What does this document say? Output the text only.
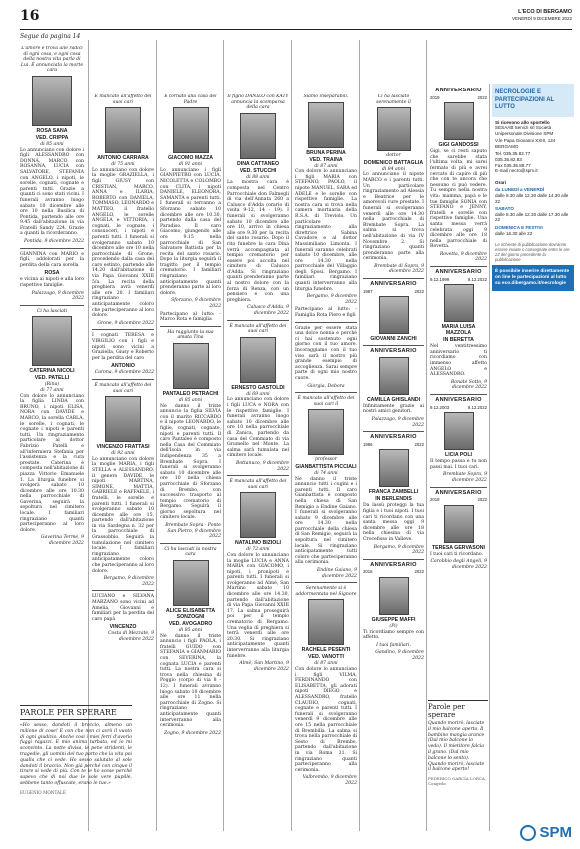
16	L'ECO DI BERGAMO
VENERDÌ 9 DICEMBRE 2022
Segue da pagina 14

L'amore è trova alle radici di ogni cosa, e ogni cosa della nostra vita parla di Lui. È annunciata la morte cara

ROSA SANA
VED. CRIPPA
di 85 anni

Lo annunciano con dolore i figli ALESSANDRO con DONNA, MARCO con ROSANNA, LUCIA con SALVATORE, STEFANIA con ANGELO, i nipoti, le sorelle, cognati, cognate e parenti tutti. Grazie a quanti ci sono stati vicini. I funerali avranno luogo sabato 10 dicembre alle ore 10 nella Basilica di Pontida, partendo alle ore 9.45 dall'abitazione in via Fratelli Sandy 224. Grazie a quanti la ricorderanno.

Pontida, 9 dicembre 2022

GIANNINA con MARIO e figli, addolorati per la perdita della cara sorella

ROSA

e vicina ai nipoti e alla loro rispettive famiglie.

Palazzago, 9 dicembre 2022

Ci ha lasciati

CATERINA NICOLI
VED. PATELLI
(Rina)
di 77 anni

Con dolore lo annunciano la figlia LINDA con BRUNO, i nipoti ELISA, NORA con DAVIDE e MARCO, la sorella CARLA, le sorelle, i cognati, le cognate i nipoti e parenti tutti. Un ringraziamento particolare al dottor Fabrizio Patelli e all'infermiera Stefania per l'assistenza e la cura prestate. Caterina è composta nell'abitazione di piazza Vittorio Emanuele 1. La liturgia funebre si svolgerà sabato 10 dicembre alle ore 10.30 nella parrocchiale di Gaverina, seguirà la sepoltura nel cimitero locale. I familiari ringraziano quanti parteciperanno al loro dolore.

Gaverina Terme, 9 dicembre 2022

È mancato all'affetto dei suoi cari

ANTONIO CARRARA
di 75 anni

Lo annunciano con dolore la moglie GRAZIELLA, i figli GIUSY con CRISTIAN, MARCO, ANNA e ILARIA, ROBERTO con DANIELA, TOMMASO, LEONARDO e MATTEO, il fratello ANGELO, le sorelle ANGELA e VITTORIA, i cognati, le cognate, i consuoceri, i nipoti e parenti tutti. I funerali si svolgeranno sabato 10 dicembre alle ore 10 nella parrocchiale di Grone, procedendo dalla casa del caro estinto, partendo alle 14.20 dall'abitazione di via Papa Giovanni XXIII 5/a. La recita della preghiera avrà venerdì alle ore 20. I familiari ringraziano anticipatamente coloro che parteciperanno al loro dolore.

Grone, 9 dicembre 2022

I cognati TERESA e VIRGILIO con i figli e nipoti sono vicini a Graziella, Giusy e Roberto per la perdita del caro

ANTONIO

Carona, 9 dicembre 2022

È mancato all'affetto dei suoi cari

VINCENZO FRATTASI
di 92 anni

Lo annunciano con dolore la moglie MARIA, i figli STELLA e ALESSANDRO, il genero DAVIDE, le nipoti MARTINA, SIMONE, MATTIA, GABRIELE e RAFFAELE, i fratelli, le sorelle e parenti tutti. I funerali si svolgeranno sabato 10 dicembre alle ore 15, partendo dall'abitazione in via Sardegna n. 32 per la parrocchiale di Grassobbio. Seguirà la tumulazione nel cimitero locale. I familiari ringraziano anticipatamente coloro che parteciperanno al loro dolore.

Bergamo, 9 dicembre 2022

LUCIANO e SILVANA MARZANO sono vicini ad Amelia, Giovanni e familiari per la perdita del caro papà

VINCENZO

Costa di Mezzate, 9 dicembre 2022

È tornato alla casa del Padre

GIACOMO MAZZA
di 91 anni

Lo annunciano i figli GIANPIETRO con LUCIA, NICOLETTA e COLOMBO con CLITA, i nipoti DANIELE, ELEONORA, SAMANTA e parenti tutti. I funerali si terranno a Sforzano sabato 10 dicembre alle ore 10.30, partendo dalla casa del Paradiso. Il caro Giacomo, giungendo alle ore 9.15 nella parrocchiale di San Salvatore Battista per la recita del santo rosario. Dopo la liturgia seguirà il tragitto per il tempio crematorio. I familiari ringraziano anticipatamente quanti prenderanno parte al loro dolore.

Sforzano, 9 dicembre 2022

Partecipano al lutto: - Marco Rota e famiglia

Ha raggiunto la sua amata Tina

PANTALEO PETRACHI
di 85 anni

Ne danno il triste annuncio la figlia SILVIA con il marito RICCARDO e il nipote LEONARDO, le figlie, cognati, cognate, nipoti e parenti tutti. Il caro Pantaleo è composto nella Casa del Commiato dell'Isola in via Indipendenza 35 a Brembate Sopra. I funerali si svolgeranno sabato 10 dicembre alle ore 10 nella chiesa parrocchiale di Sforzano di Brembo, con successivo trasporto al tempio crematorio di Bergamo. Seguirà il giorno sepoltura nel cimitero locale.

Brembate Sopra - Ponte San Pietro, 9 dicembre 2022

Ci ha lasciati la nostra cara

ALICE ELISABETTA SONZOGNI
VED. AVOGADRO
di 85 anni

Ne danno il triste annuncio i figli PAOLA, i fratelli GUIDO con STEFANIA e GIANMARIO con SEVERINA, la cognata LUCIA e parenti tutti. La nostra cara si trova nella chiesina di Poggio (corpo di via 8 - 12). I funerali avranno luogo sabato 10 dicembre alle ore 11 nella parrocchiale di Zogno. Si ringraziano anticipatamente quanti interverranno alla cerimonia.

Zogno, 9 dicembre 2022

Il figlio DANILO con KATY annuncia la scomparsa della cara

DINA CATTANEO
VED. STUCCHI
di 88 anni

La mostra cara è composta nel Centro Parrocchiale don Falmegli di via dell'Annata 260 a Calusco d'Adda (orario di visita 9-12, 14 - 19). I funerali si svolgeranno sabato 10 dicembre alle ore 10, arrivo in chiesa alle ore 9.30 per la recita del santo rosario. Dopo il rito funebre la cara Dina verrà accompagnata al tempio crematorio per essere poi accolta nel cimitero di Calusco d'Adda. Si ringraziano quanti prenderanno parte al nostro dolore con la forza di Renza, con un pensiero e con una preghiera.

Calusco d'Adda, 9 dicembre 2022

È mancato all'affetto dei suoi cari

ERNESTO GASTOLDI
di 69 anni

Lo annunciano con dolore i figli LUCA e NORA con le rispettive famiglie. I funerali avranno luogo sabato 10 dicembre alle ore 10 nella parrocchiale di Zanica, partendo da casa del Commiato di via Grumello nel Monte. La salma sarà tumulata nel cimitero locale.

Bottanuco, 9 dicembre 2022

È mancata all'affetto dei suoi cari

NATALINO BIZIOLI
di 72 anni

Con dolore lo annunciano la moglie LUCIA e ANNA MARIA con GIACOMO, i nipoti, i pronipoti e parenti tutti. I funerali si svolgeranno ad Almè, San Martino sabato 10 dicembre alle ore 14.30, partendo dall'abitazione di via Papa Giovanni XXIII 17. La salma proseguirà poi per il tempio crematorio di Bergamo. Una veglia di preghiera si terrà venerdì alle ore 20.30. Si ringraziano anticipatamente quanti interverranno alla liturgia funebre.

Almè, San Martino, 9 dicembre 2022

Siamo inseparabili.

BRUNA PERINA
VED. TRAINA
di 87 anni

Con dolore lo annunciano i figli MARIA con STEFANO, PAOLO, il nipote MANUEL, SARA ed ADELE e le sorelle con rispettive famiglie. La nostra cara si trova nella camera mortuaria della R.S.A. di Treviolo. Un particolare ringraziamento alla direttrice Sabina Cavadore e al dottor Massimiliano Limonta. I funerali saranno celebrati sabato 10 dicembre, alle ore 14.30 nella parrocchiale del Villaggio degli Sposi. Bergamo. I familiari ringraziano quanti interverranno alla liturgia funebre.

Bergamo, 9 dicembre 2022

Partecipano al lutto: - Famiglia Rota Piero e figli

Grazie per essere stata una dolce nonna e perché ci hai sostenuto ogni giorno con il tuo amore. Incoraggiamo con il tuo viso sarà il nostro più grande esempio di accoglienza. Sarai sempre parte di ogni mio nostro cuore.

Giorgia, Debora

È mancato all'affetto dei suoi cari il

professor
GIANBATTISTA PICCIALI
di 74 anni

Ne danno il triste annuncio tutti i cugini e i parenti tutti. Il caro Gianbattista è composto nella chiesa di San Remigio a Endine Gaiano. I funerali si svolgeranno sabato 9 dicembre alle ore 14.30 nella parrocchiale della chiesa di San Remigio, seguirà la sepoltura nel cimitero locale. Si ringraziano anticipatamente tutti coloro che parteciperanno alla cerimonia.

Endine Gaiano, 9 dicembre 2022

Serenamente si è addormentata nel Signore

RACHELE PESENTI
VED. VANOTTI
di 87 anni

Con dolore lo annunciano i figli VILMA, FERDINANDO con ELISABETTA, gli adorati nipoti DIEGO e ALESSANDRO, fratello CLAUDIO, cognati, cognate e parenti tutti. I funerali si svolgeranno venerdì 9 dicembre alle ore 15 nella parrocchiale di Brembilla. La salma si trova nella parrocchiale di Sesto di Brembo, partendo dall'abitazione in via Roma 31. Si ringraziano quanti parteciperanno alla cerimonia.

Valbrembo, 9 dicembre 2022

Ci ha lasciato serenamente il

dottor
DOMENICO BATTAGLIA
di 84 anni

Lo annunciano il nipote MARCO e i parenti tutti. Un particolare ringraziamento ad Alessia e Beatrice per le amorevoli cure prestate. I funerali si svolgeranno venerdì alle ore 14.30 nella parrocchiale di Brembate Sopra. La salma si trova nell'abitazione di via IV Novembre 2. Si ringraziano quanti prenderanno parte alla cerimonia.

Brembate di Sopra, 9 dicembre 2022

ANNIVERSARIO
1987	2022
GIOVANNI ZANCHI
ANNIVERSARIO
CAMILLA GHISLANDI

Infinitamente grazie ai nostri amici genitori.

Palazzago, 9 dicembre 2022

ANNIVERSARIO
1986	2022
FRANCA ZAMBELLI
IN BERLENDIS

Da lassù proteggi la tua figlia e i tuoi nipoti. I tuoi cari ti ricordano con una santa messa oggi 9 dicembre alle ore 18 nella chiesina di via Crocefisso in Valleve.

Bergamo, 9 dicembre 2022

ANNIVERSARIO
2016	2022
GIUSEPPE MAFFI
(Pi)

Ti ricordiamo sempre con affetto.

I tuoi familiari.

Gandino, 9 dicembre 2022

ANNIVERSARIO
2019	2022
GIGI GANDOSSI

Gigi, se ci resti saputo che sarebbe stata l'ultima volta, mi sarei fermato di più e avrei cercato di capire di più che con te ancora che nessuno ci può vedere. Tu sempre nella nostra vita: mamma, papà e le tue famiglie SONIA con STEFANO e JENNY, fratelli e sorelle con rispettive famiglie. Una santa messa verrà celebrata oggi 9 dicembre alle ore 18 nella parrocchiale di Rovetta.

Rovetta, 9 dicembre 2022

ANNIVERSARIO
9.12.1999	9.12.2022
MARIA LUISA MAZZOLA
IN BERETTA

Nel ventitreesimo anniversario ti ricordiamo con immenso affetto ANGELO e ALESSANDRO.

Bonate Sotto, 9 dicembre 2022

ANNIVERSARIO
9.12.2003	9.12.2022
LICIA POLI

Il tempo passa e tu non passi mai. I tuoi cari.

Brembate Sopra, 9 dicembre 2022

ANNIVERSARIO
2018	2022
TERESA GERVASONI

I tuoi cari ti ricordano.

Carobbio degli Angeli, 9 dicembre 2022

NECROLOGIE E PARTECIPAZIONI AL LUTTO
Si ricevono allo sportello
SESAAB Servizi srl Società Unipersonale Divisione SPM
V.le Papa Giovanni XXIII, 124 BERGAMO
Tel. 035.35.82.77
035.35.82.83
Fax 035.35.88.77
E-mail necro@spm.it
Orari
da LUNEDÌ a VENERDÌ
dalle 8.30 alle 12.30 dalle 14.30 alle 22
SABATO
dalle 8.30 alle 12.30 dalle 17.30 alle 22
DOMENICA E FESTIVI
dalle 16.30 alle 22
Le richieste di pubblicazione dovranno essere inviate o consegnate entro le ore 22 del giorno precedente la pubblicazione
È possibile inserire direttamente on line le partecipazioni al lutto su eco.dibergamo.it/necrologie
PAROLE PER SPERARE

«Ho sesso, dandoti il broccio, almeno un milione di cose! E con che non ci avrò il vuoto di ogni giudizio. Anche così i miei ferri d'avorio fuggi ragazzi. E mio anima turbata, ed io mi sconvinto. La notte divisa, le pene stridenti, le tragedie, gli uomini del tuo parto che la vita poi qualla che ci vede. Ho sesso salutato al sole dandoti il braccio. Non già perché con cinque il tirare si vede di più. Con te le ho scese perché sapevo che di noi due le sole vere pupille, sebbene tanto offuscate, erano le tue.»

EUGENIO MONTALE
Parole per sperare

Quando morirò, lasciate il mio balcone aperto. Il bambino mangia arance (Dal mio balcone lo vedo). Il mietitore falcia il grano. (Dal mio balcone lo sento). Quando morirò, lasciate il balcone aperto!

FEDERICO GARCÍA LORCA, Congedo
SPM
